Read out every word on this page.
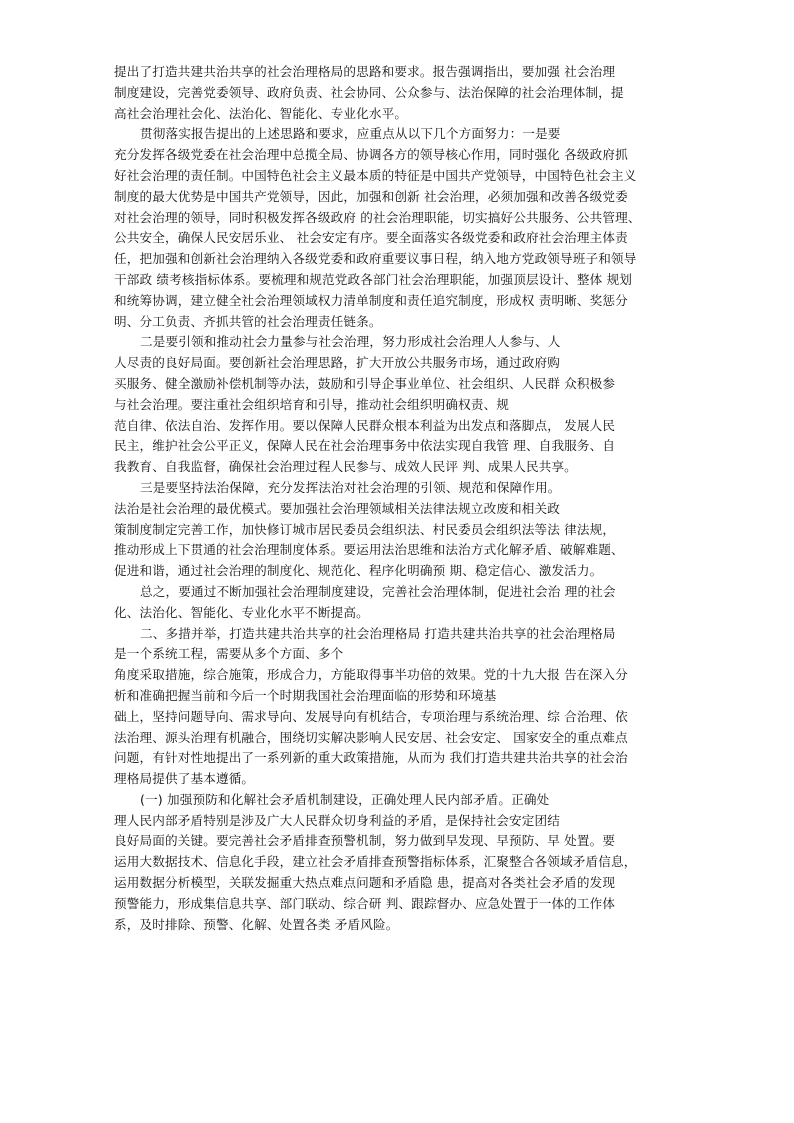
提出了打造共建共治共享的社会治理格局的思路和要求。报告强调指出，要加强 社会治理
制度建设，完善党委领导、政府负责、社会协同、公众参与、法治保障的社会治理体制，提
高社会治理社会化、法治化、智能化、专业化水平。
贯彻落实报告提出的上述思路和要求，应重点从以下几个方面努力：一是要
充分发挥各级党委在社会治理中总揽全局、协调各方的领导核心作用，同时强化 各级政府抓
好社会治理的责任制。中国特色社会主义最本质的特征是中国共产党领导，中国特色社会主义
制度的最大优势是中国共产党领导，因此，加强和创新 社会治理，必须加强和改善各级党委
对社会治理的领导，同时积极发挥各级政府 的社会治理职能，切实搞好公共服务、公共管理、
公共安全，确保人民安居乐业、 社会安定有序。要全面落实各级党委和政府社会治理主体责
任，把加强和创新社会治理纳入各级党委和政府重要议事日程，纳入地方党政领导班子和领导
干部政 绩考核指标体系。要梳理和规范党政各部门社会治理职能，加强顶层设计、整体 规划
和统筹协调，建立健全社会治理领域权力清单制度和责任追究制度，形成权 责明晰、奖惩分
明、分工负责、齐抓共管的社会治理责任链条。
二是要引领和推动社会力量参与社会治理，努力形成社会治理人人参与、人
人尽责的良好局面。要创新社会治理思路，扩大开放公共服务市场，通过政府购
买服务、健全激励补偿机制等办法，鼓励和引导企事业单位、社会组织、人民群 众积极参
与社会治理。要注重社会组织培育和引导，推动社会组织明确权责、规
范自律、依法自治、发挥作用。要以保障人民群众根本利益为出发点和落脚点， 发展人民
民主，维护社会公平正义，保障人民在社会治理事务中依法实现自我管 理、自我服务、自
我教育、自我监督，确保社会治理过程人民参与、成效人民评 判、成果人民共享。
三是要坚持法治保障，充分发挥法治对社会治理的引领、规范和保障作用。
法治是社会治理的最优模式。要加强社会治理领域相关法律法规立改废和相关政
策制度制定完善工作，加快修订城市居民委员会组织法、村民委员会组织法等法 律法规，
推动形成上下贯通的社会治理制度体系。要运用法治思维和法治方式化解矛盾、破解难题、
促进和谐，通过社会治理的制度化、规范化、程序化明确预 期、稳定信心、激发活力。
总之，要通过不断加强社会治理制度建设，完善社会治理体制，促进社会治 理的社会
化、法治化、智能化、专业化水平不断提高。
二、多措并举，打造共建共治共享的社会治理格局 打造共建共治共享的社会治理格局
是一个系统工程，需要从多个方面、多个
角度采取措施，综合施策，形成合力，方能取得事半功倍的效果。党的十九大报 告在深入分
析和准确把握当前和今后一个时期我国社会治理面临的形势和环境基
础上，坚持问题导向、需求导向、发展导向有机结合，专项治理与系统治理、综 合治理、依
法治理、源头治理有机融合，围绕切实解决影响人民安居、社会安定、 国家安全的重点难点
问题，有针对性地提出了一系列新的重大政策措施，从而为 我们打造共建共治共享的社会治
理格局提供了基本遵循。
(一) 加强预防和化解社会矛盾机制建设，正确处理人民内部矛盾。正确处
理人民内部矛盾特别是涉及广大人民群众切身利益的矛盾，是保持社会安定团结
良好局面的关键。要完善社会矛盾排查预警机制，努力做到早发现、早预防、早 处置。要
运用大数据技术、信息化手段，建立社会矛盾排查预警指标体系，汇聚整合各领域矛盾信息，
运用数据分析模型，关联发掘重大热点难点问题和矛盾隐 患，提高对各类社会矛盾的发现
预警能力，形成集信息共享、部门联动、综合研 判、跟踪督办、应急处置于一体的工作体
系，及时排除、预警、化解、处置各类 矛盾风险。
